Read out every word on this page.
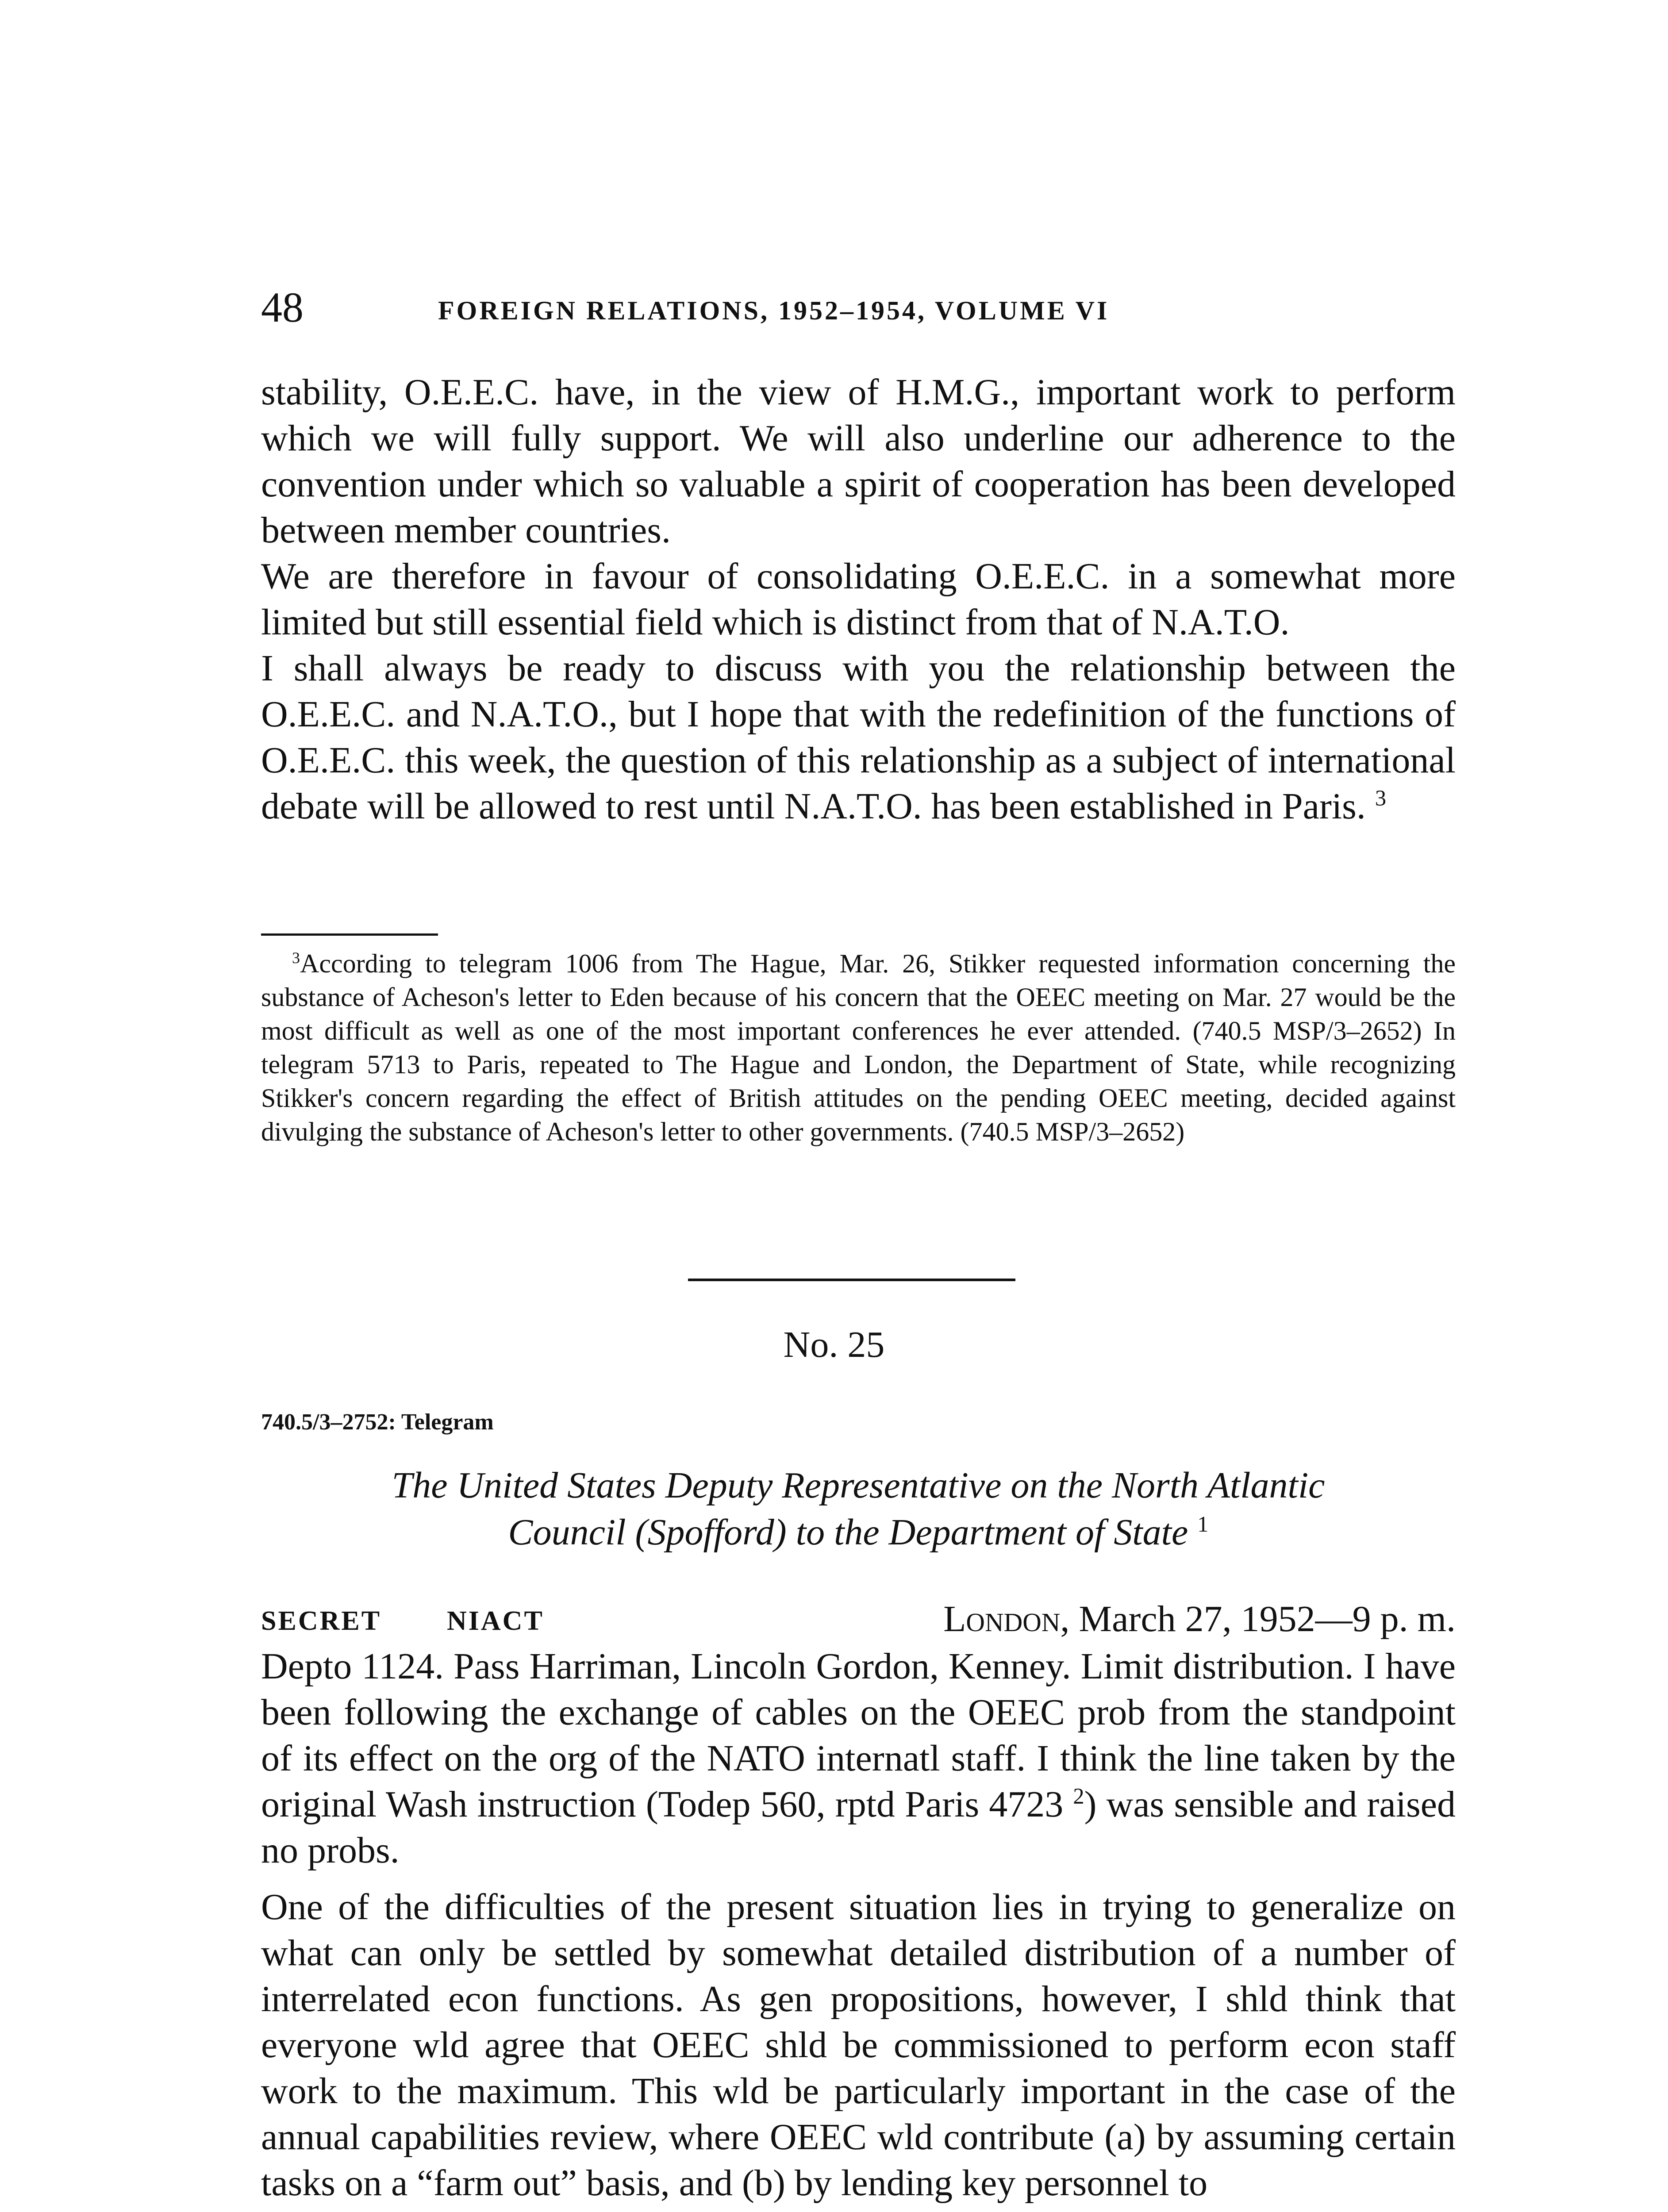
48	FOREIGN RELATIONS, 1952–1954, VOLUME VI

stability, O.E.E.C. have, in the view of H.M.G., important work to perform which we will fully support. We will also underline our adherence to the convention under which so valuable a spirit of cooperation has been developed between member countries.

We are therefore in favour of consolidating O.E.E.C. in a somewhat more limited but still essential field which is distinct from that of N.A.T.O.

I shall always be ready to discuss with you the relationship between the O.E.E.C. and N.A.T.O., but I hope that with the redefinition of the functions of O.E.E.C. this week, the question of this relationship as a subject of international debate will be allowed to rest until N.A.T.O. has been established in Paris. $^3$

$^3$According to telegram 1006 from The Hague, Mar. 26, Stikker requested information concerning the substance of Acheson's letter to Eden because of his concern that the OEEC meeting on Mar. 27 would be the most difficult as well as one of the most important conferences he ever attended. (740.5 MSP/3–2652) In telegram 5713 to Paris, repeated to The Hague and London, the Department of State, while recognizing Stikker's concern regarding the effect of British attitudes on the pending OEEC meeting, decided against divulging the substance of Acheson's letter to other governments. (740.5 MSP/3–2652)

No. 25
740.5/3–2752: Telegram
The United States Deputy Representative on the North Atlantic
Council (Spofford) to the Department of State $^1$
SECRET NIACT	London, March 27, 1952—9 p. m.

Depto 1124. Pass Harriman, Lincoln Gordon, Kenney. Limit distribution. I have been following the exchange of cables on the OEEC prob from the standpoint of its effect on the org of the NATO internatl staff. I think the line taken by the original Wash instruction (Todep 560, rptd Paris 4723 $^2$) was sensible and raised no probs.

One of the difficulties of the present situation lies in trying to generalize on what can only be settled by somewhat detailed distribution of a number of interrelated econ functions. As gen propositions, however, I shld think that everyone wld agree that OEEC shld be commissioned to perform econ staff work to the maximum. This wld be particularly important in the case of the annual capabilities review, where OEEC wld contribute (a) by assuming certain tasks on a “farm out” basis, and (b) by lending key personnel to
